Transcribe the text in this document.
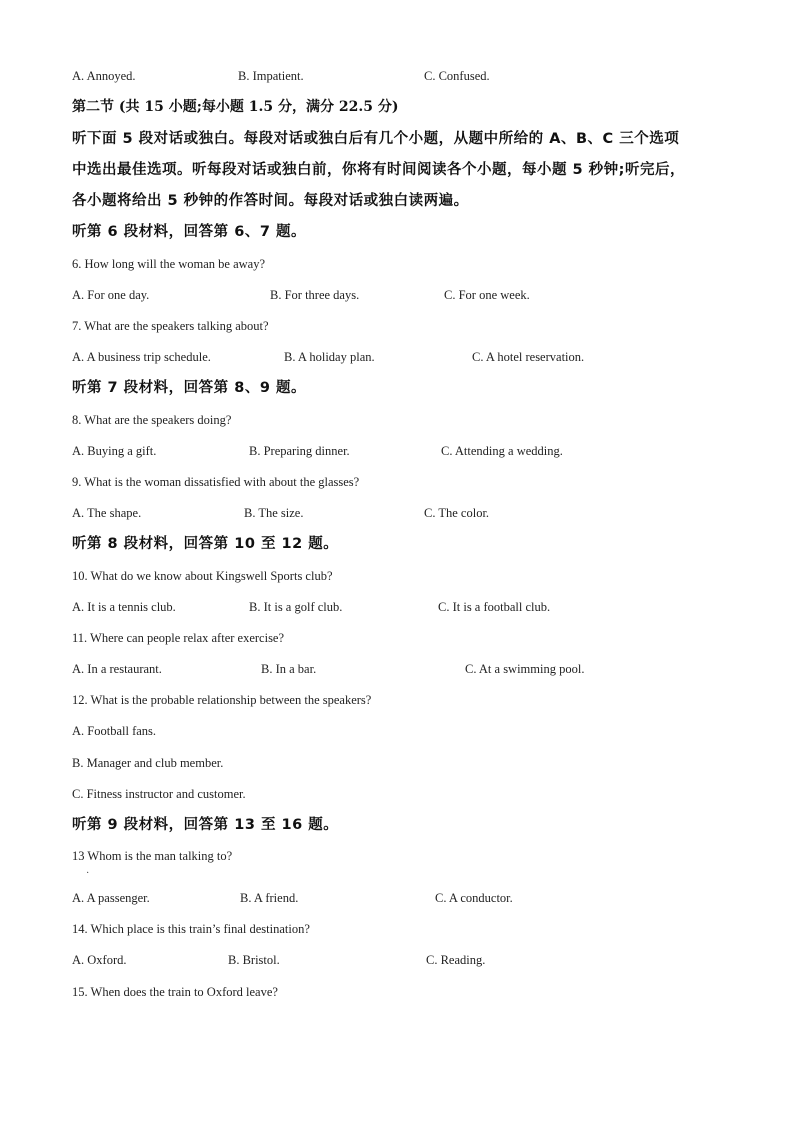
A. Annoyed.	B. Impatient.	C. Confused.
第二节 (共 15 小题;每小题 1.5 分，满分 22.5 分)
听下面 5 段对话或独白。每段对话或独白后有几个小题，从题中所给的 A、B、C 三个选项
中选出最佳选项。听每段对话或独白前，你将有时间阅读各个小题，每小题 5 秒钟;听完后，
各小题将给出 5 秒钟的作答时间。每段对话或独白读两遍。
听第 6 段材料，回答第 6、7 题。
6. How long will the woman be away?
A. For one day.	B. For three days.	C. For one week.
7. What are the speakers talking about?
A. A business trip schedule.	B. A holiday plan.	C. A hotel reservation.
听第 7 段材料，回答第 8、9 题。
8. What are the speakers doing?
A. Buying a gift.	B. Preparing dinner.	C. Attending a wedding.
9. What is the woman dissatisfied with about the glasses?
A. The shape.	B. The size.	C. The color.
听第 8 段材料，回答第 10 至 12 题。
10. What do we know about Kingswell Sports club?
A. It is a tennis club.	B. It is a golf club.	C. It is a football club.
11. Where can people relax after exercise?
A. In a restaurant.	B. In a bar.	C. At a swimming pool.
12. What is the probable relationship between the speakers?
A. Football fans.
B. Manager and club member.
C. Fitness instructor and customer.
听第 9 段材料，回答第 13 至 16 题。
13 Whom is the man talking to?
·
A. A passenger.	B. A friend.	C. A conductor.
14. Which place is this train’s final destination?
A. Oxford.	B. Bristol.	C. Reading.
15. When does the train to Oxford leave?
